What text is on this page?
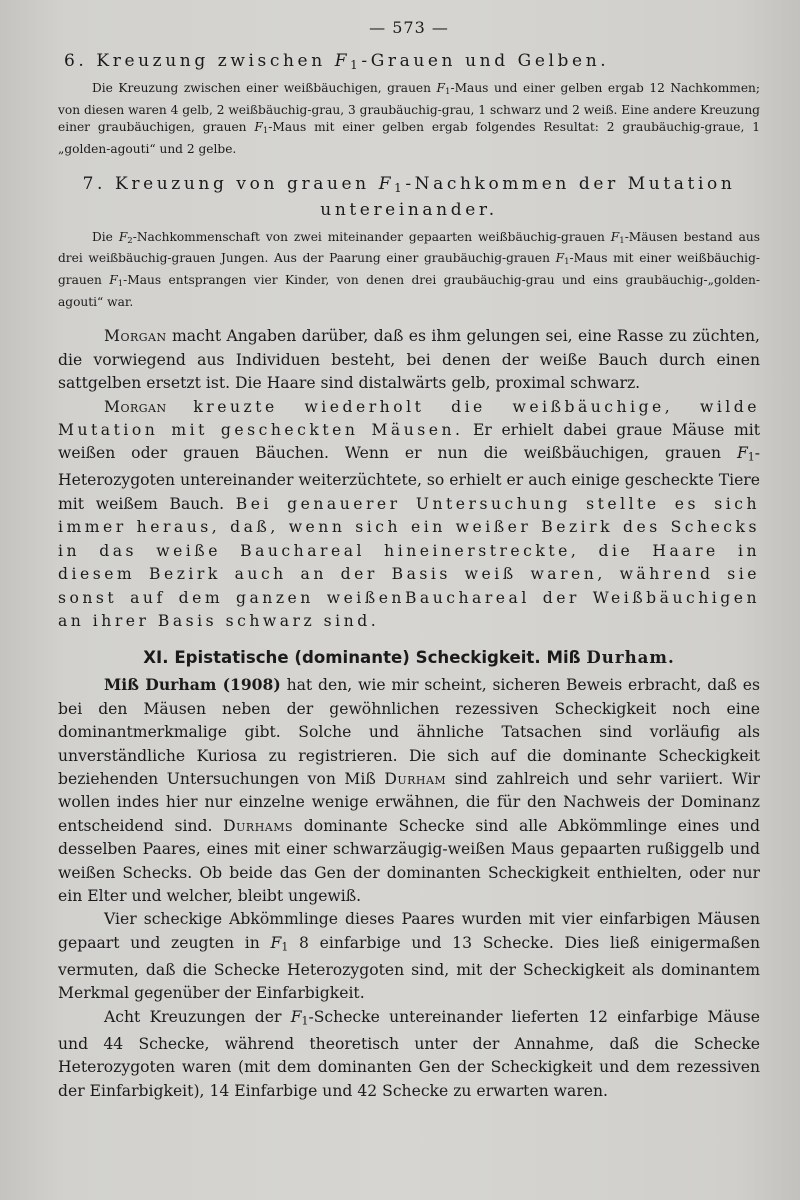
— 573 —
6. Kreuzung zwischen $F_1$-Grauen und Gelben.

Die Kreuzung zwischen einer weißbäuchigen, grauen $F_1$-Maus und einer gelben ergab 12 Nachkommen; von diesen waren 4 gelb, 2 weißbäuchig-grau, 3 graubäuchig-grau, 1 schwarz und 2 weiß. Eine andere Kreuzung einer graubäuchigen, grauen $F_1$-Maus mit einer gelben ergab folgendes Resultat: 2 graubäuchig-graue, 1 „golden-agouti“ und 2 gelbe.

7. Kreuzung von grauen $F_1$-Nachkommen der Mutation untereinander.

Die $F_2$-Nachkommenschaft von zwei miteinander gepaarten weißbäuchig-grauen $F_1$-Mäusen bestand aus drei weißbäuchig-grauen Jungen. Aus der Paarung einer graubäuchig-grauen $F_1$-Maus mit einer weißbäuchig-grauen $F_1$-Maus entsprangen vier Kinder, von denen drei graubäuchig-grau und eins graubäuchig-„golden-agouti“ war.

Morgan macht Angaben darüber, daß es ihm gelungen sei, eine Rasse zu züchten, die vorwiegend aus Individuen besteht, bei denen der weiße Bauch durch einen sattgelben ersetzt ist. Die Haare sind distalwärts gelb, proximal schwarz.

Morgan kreuzte wiederholt die weißbäuchige, wilde Mutation mit gescheckten Mäusen. Er erhielt dabei graue Mäuse mit weißen oder grauen Bäuchen. Wenn er nun die weißbäuchigen, grauen $F_1$-Heterozygoten untereinander weiterzüchtete, so erhielt er auch einige gescheckte Tiere mit weißem Bauch. Bei genauerer Untersuchung stellte es sich immer heraus, daß, wenn sich ein weißer Bezirk des Schecks in das weiße Bauchareal hineinerstreckte, die Haare in diesem Bezirk auch an der Basis weiß waren, während sie sonst auf dem ganzen weißenBauchareal der Weißbäuchigen an ihrer Basis schwarz sind.

XI. Epistatische (dominante) Scheckigkeit. Miß Durham.

Miß Durham (1908) hat den, wie mir scheint, sicheren Beweis erbracht, daß es bei den Mäusen neben der gewöhnlichen rezessiven Scheckigkeit noch eine dominantmerkmalige gibt. Solche und ähnliche Tatsachen sind vorläufig als unverständliche Kuriosa zu registrieren. Die sich auf die dominante Scheckigkeit beziehenden Untersuchungen von Miß Durham sind zahlreich und sehr variiert. Wir wollen indes hier nur einzelne wenige erwähnen, die für den Nachweis der Dominanz entscheidend sind. Durhams dominante Schecke sind alle Abkömmlinge eines und desselben Paares, eines mit einer schwarzäugig-weißen Maus gepaarten rußiggelb und weißen Schecks. Ob beide das Gen der dominanten Scheckigkeit enthielten, oder nur ein Elter und welcher, bleibt ungewiß.

Vier scheckige Abkömmlinge dieses Paares wurden mit vier einfarbigen Mäusen gepaart und zeugten in $F_1$ 8 einfarbige und 13 Schecke. Dies ließ einigermaßen vermuten, daß die Schecke Heterozygoten sind, mit der Scheckigkeit als dominantem Merkmal gegenüber der Einfarbigkeit.

Acht Kreuzungen der $F_1$-Schecke untereinander lieferten 12 einfarbige Mäuse und 44 Schecke, während theoretisch unter der Annahme, daß die Schecke Heterozygoten waren (mit dem dominanten Gen der Scheckigkeit und dem rezessiven der Einfarbigkeit), 14 Einfarbige und 42 Schecke zu erwarten waren.
